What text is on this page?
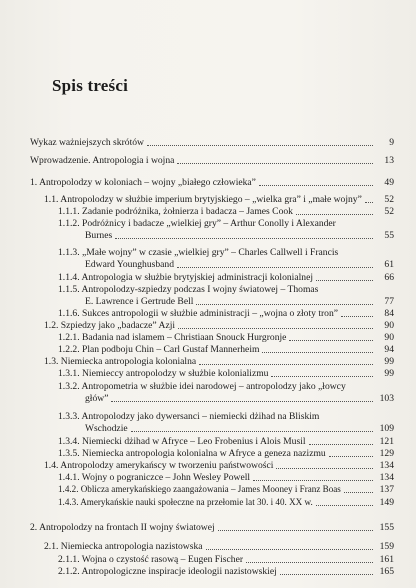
Spis treści
Wykaz ważniejszych skrótów	9
Wprowadzenie. Antropologia i wojna	13
1. Antropolodzy w koloniach – wojny „białego człowieka”	49
1.1. Antropolodzy w służbie imperium brytyjskiego – „wielka gra” i „małe wojny”	52
1.1.1. Zadanie podróżnika, żołnierza i badacza – James Cook	52
1.1.2. Podróżnicy i badacze „wielkiej gry” – Arthur Conolly i Alexander
Burnes	55
1.1.3. „Małe wojny” w czasie „wielkiej gry” – Charles Callwell i Francis
Edward Younghusband	61
1.1.4. Antropologia w służbie brytyjskiej administracji kolonialnej	66
1.1.5. Antropolodzy-szpiedzy podczas I wojny światowej – Thomas
E. Lawrence i Gertrude Bell	77
1.1.6. Sukces antropologii w służbie administracji – „wojna o złoty tron”	84
1.2. Szpiedzy jako „badacze” Azji	90
1.2.1. Badania nad islamem – Christiaan Snouck Hurgronje	90
1.2.2. Plan podboju Chin – Carl Gustaf Mannerheim	94
1.3. Niemiecka antropologia kolonialna	99
1.3.1. Niemieccy antropolodzy w służbie kolonializmu	99
1.3.2. Antropometria w służbie idei narodowej – antropolodzy jako „łowcy
głów”	103
1.3.3. Antropolodzy jako dywersanci – niemiecki dżihad na Bliskim
Wschodzie	109
1.3.4. Niemiecki dżihad w Afryce – Leo Frobenius i Alois Musil	121
1.3.5. Niemiecka antropologia kolonialna w Afryce a geneza nazizmu	129
1.4. Antropolodzy amerykańscy w tworzeniu państwowości	134
1.4.1. Wojny o pograniczce – John Wesley Powell	134
1.4.2. Oblicza amerykańskiego zaangażowania – James Mooney i Franz Boas	137
1.4.3. Amerykańskie nauki społeczne na przełomie lat 30. i 40. XX w.	149
2. Antropolodzy na frontach II wojny światowej	155
2.1. Niemiecka antropologia nazistowska	159
2.1.1. Wojna o czystość rasową – Eugen Fischer	161
2.1.2. Antropologiczne inspiracje ideologii nazistowskiej	165
